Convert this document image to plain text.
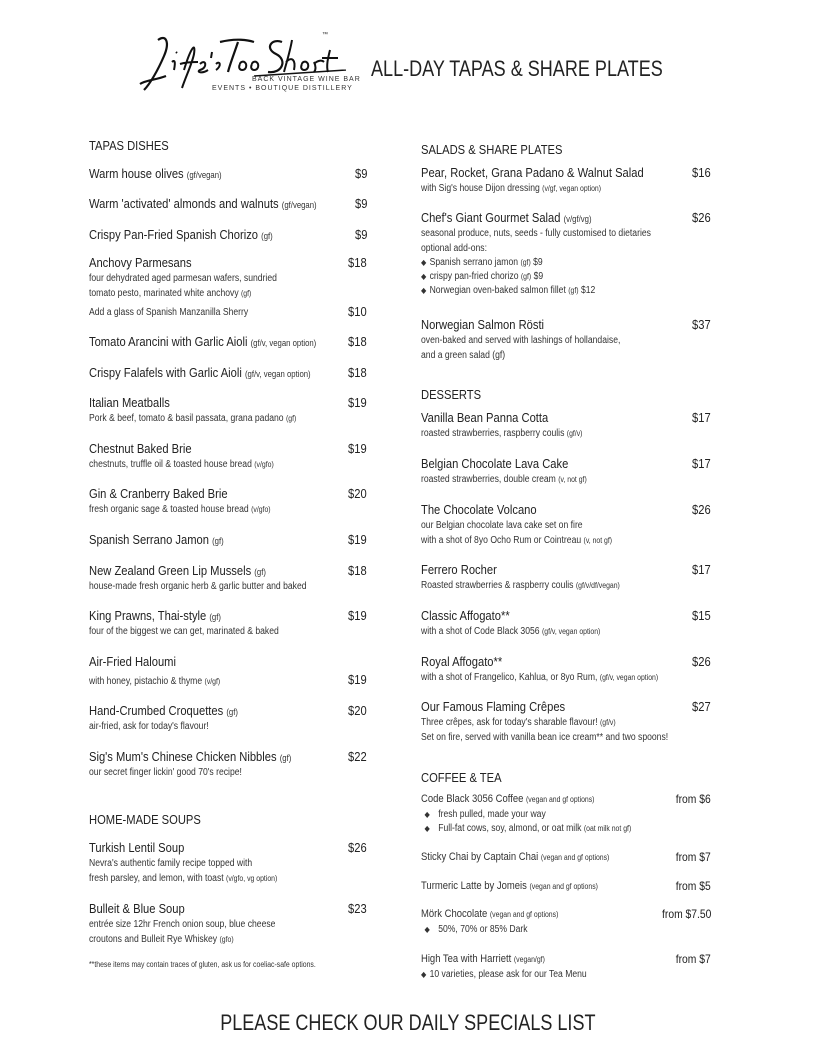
™
BACK VINTAGE WINE BAR
EVENTS • BOUTIQUE DISTILLERY
ALL-DAY TAPAS & SHARE PLATES
TAPAS DISHES
Warm house olives (gf/vegan)	$9
Warm 'activated' almonds and walnuts (gf/vegan)	$9
Crispy Pan-Fried Spanish Chorizo (gf)	$9
Anchovy Parmesans	$18
four dehydrated aged parmesan wafers, sundried
tomato pesto, marinated white anchovy (gf)
Add a glass of Spanish Manzanilla Sherry	$10
Tomato Arancini with Garlic Aioli (gf/v, vegan option) $18
Crispy Falafels with Garlic Aioli (gf/v, vegan option)	$18
Italian Meatballs	$19
Pork & beef, tomato & basil passata, grana padano (gf)
Chestnut Baked Brie	$19
chestnuts, truffle oil & toasted house bread (v/gfo)
Gin & Cranberry Baked Brie	$20
fresh organic sage & toasted house bread (v/gfo)
Spanish Serrano Jamon (gf)	$19
New Zealand Green Lip Mussels (gf)	$18
house-made fresh organic herb & garlic butter and baked
King Prawns, Thai-style (gf)	$19
four of the biggest we can get, marinated & baked
Air-Fried Haloumi
with honey, pistachio & thyme (v/gf)	$19
Hand-Crumbed Croquettes (gf)	$20
air-fried, ask for today's flavour!
Sig's Mum's Chinese Chicken Nibbles (gf)	$22
our secret finger lickin' good 70's recipe!
HOME-MADE SOUPS
Turkish Lentil Soup	$26
Nevra's authentic family recipe topped with
fresh parsley, and lemon, with toast (v/gfo, vg option)
Bulleit & Blue Soup	$23
entrée size 12hr French onion soup, blue cheese
croutons and Bulleit Rye Whiskey (gfo)
**these items may contain traces of gluten, ask us for coeliac-safe options.
SALADS & SHARE PLATES
Pear, Rocket, Grana Padano & Walnut Salad	$16
with Sig's house Dijon dressing (v/gf, vegan option)
Chef's Giant Gourmet Salad (v/gf/vg)	$26
seasonal produce, nuts, seeds - fully customised to dietaries
optional add-ons:
◆ Spanish serrano jamon (gf) $9
◆ crispy pan-fried chorizo (gf) $9
◆ Norwegian oven-baked salmon fillet (gf) $12
Norwegian Salmon Rösti	$37
oven-baked and served with lashings of hollandaise,
and a green salad (gf)
DESSERTS
Vanilla Bean Panna Cotta	$17
roasted strawberries, raspberry coulis (gf/v)
Belgian Chocolate Lava Cake	$17
roasted strawberries, double cream (v, not gf)
The Chocolate Volcano	$26
our Belgian chocolate lava cake set on fire
with a shot of 8yo Ocho Rum or Cointreau (v, not gf)
Ferrero Rocher	$17
Roasted strawberries & raspberry coulis (gf/v/df/vegan)
Classic Affogato**	$15
with a shot of Code Black 3056 (gf/v, vegan option)
Royal Affogato**	$26
with a shot of Frangelico, Kahlua, or 8yo Rum, (gf/v, vegan option)
Our Famous Flaming Crêpes	$27
Three crêpes, ask for today's sharable flavour! (gf/v)
Set on fire, served with vanilla bean ice cream** and two spoons!
COFFEE & TEA
Code Black 3056 Coffee (vegan and gf options)	from $6
◆ fresh pulled, made your way
◆ Full-fat cows, soy, almond, or oat milk (oat milk not gf)
Sticky Chai by Captain Chai (vegan and gf options)	from $7
Turmeric Latte by Jomeis (vegan and gf options)	from $5
Mörk Chocolate (vegan and gf options)	from $7.50
◆ 50%, 70% or 85% Dark
High Tea with Harriett (vegan/gf)	from $7
◆ 10 varieties, please ask for our Tea Menu
PLEASE CHECK OUR DAILY SPECIALS LIST
